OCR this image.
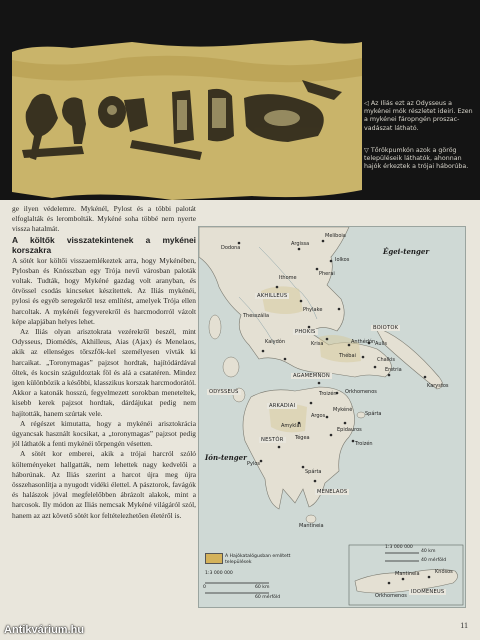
◁ Az Iliás ezt az Odysseus a mykénei mók részletet ideiri. Ezen a mykénei fáropngén proszac-vadászat látható.

▽ Tőrökpumkón azok a görög településeik láthatók, ahonnan hajók érkeztek a trójai háborúba.

ge ilyen védelemre. Mykénél, Pylost és a többi palotát elfoglalták és lerombolták. Mykéné soha többé nem nyerte vissza hatalmát.

A költők visszatekintenek a mykénei korszakra

A sötét kor költői visszaemlékeztek arra, hogy Mykénében, Pylosban és Knósszban egy Trója nevű városban paloták voltak. Tudták, hogy Mykéné gazdag volt aranyban, és ötvössel csodás kincseket készítettek. Az Iliás mykénéi, pylosi és egyéb seregekről tesz említést, amelyek Trója ellen harcoltak. A mykénéi fegyverekről és harcmodorról vázolt képe alapjában helyes lehet.

Az Iliás olyan arisztokrata vezérekről beszél, mint Odysseus, Diomédés, Akhilleus, Aias (Ajax) és Menelaos, akik az ellenséges tőrszfők-kel személyesen vívták ki harcaikat. „Toronymagas” pajzsot hordtak, hajítódárdával öltek, és kocsin száguldoztak föl és alá a csatatéren. Mindez igen különbözik a későbbi, klasszikus korszak harcmodorától. Akkor a katonák hosszú, fegyelmezett sorokban meneteltek, kisebb kerek pajzsot hordtak, dárdájukat pedig nem hajították, hanem szúrtak vele.

A régészet kimutatta, hogy a mykénéi arisztokrácia úgyancsak használt kocsikat, a „toronymagas” pajzsot pedig jól láthatók a fenti mykénéi tőrpengén vésetten.

A sötét kor emberei, akik a trójai harcról szóló költeményeket hallgatták, nem lehettek nagy kedvelői a háborúnak. Az Iliás szerint a harcot újra meg újra összehasonlítja a nyugodt vidéki élettel. A pásztorok, favágók és halászok jóval megfelelőbben ábrázolt alakok, mint a harcosok. Ily módon az Iliás nemcsak Mykéné világáról szól, hanem az azt követő sötét kor feltételezhetően életéről is.

Égei-tenger
Ión-tenger
AKHILLEUS
PHOKIS
BOIOTOK
ODYSSEUS
AGAMEMNON
ARKADIAI
NESTÓR
MENELAOS
IDOMENEUS
Thesszália
Dodona
Argissa
Meliboia
Iolkos
Pherai
Ithome
Phylake
Krisa	Anthédón Aulis
Thébai
Chalkis
Eretria
Karystos
Kalydón
Troizén Orkhomenos
Spárta
Argos
Mykéné
Epidauros
Troizén
Amyklai
Tégea
Pylos
Spárta
Mantineia
Mantineia
Orkhomenos
Knósos
A Hajókatalógusban említett települések
1:3 000 000
0	60 km
60 mérföld
1:3 000 000
40 km
40 mérföld
11
Antikvárium.hu
